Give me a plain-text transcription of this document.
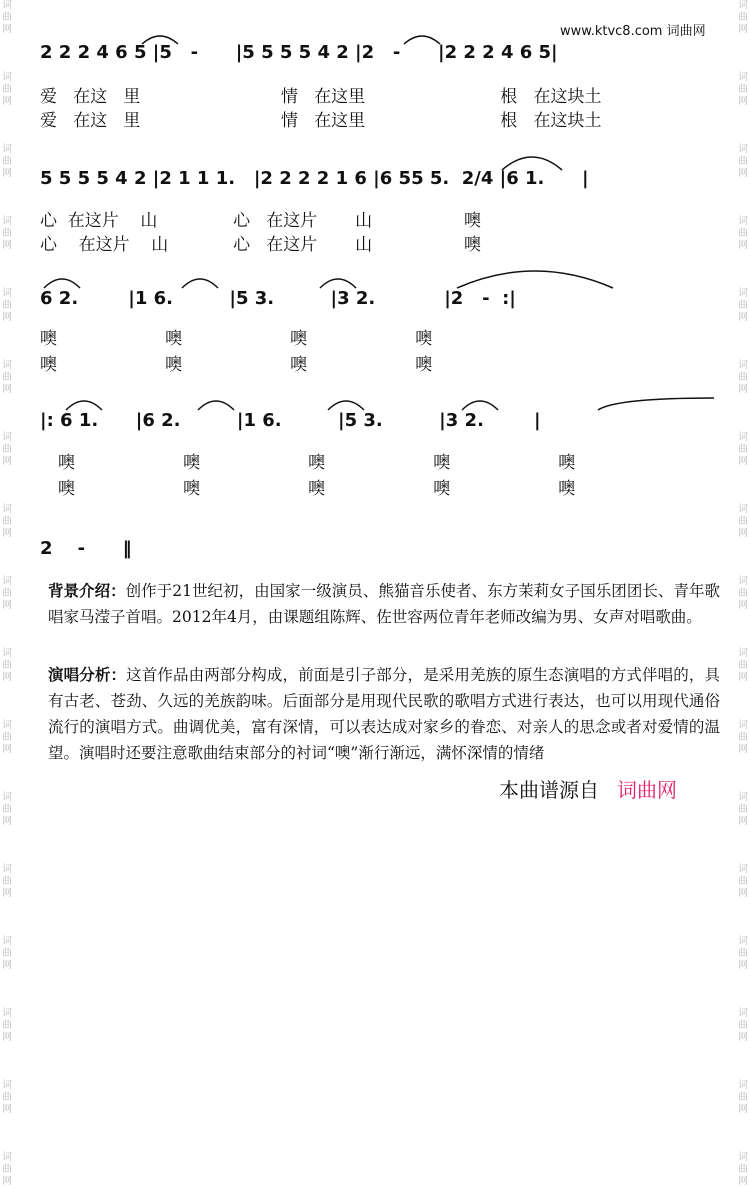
词曲网
词曲网
词曲网
词曲网
词曲网
词曲网
词曲网
词曲网
词曲网
词曲网
词曲网
词曲网
词曲网
词曲网
词曲网
词曲网
词曲网
词曲网
词曲网
词曲网
词曲网
词曲网
词曲网
词曲网
词曲网
词曲网
词曲网
词曲网
词曲网
词曲网
词曲网
词曲网
词曲网
词曲网
www.ktvc8.com 词曲网
2 2 2 4 6 5 |5   -      |5 5 5 5 4 2 |2   -      |2 2 2 4 6 5|
爱   在这   里                          情   在这里                         根   在这块土
爱   在这   里                          情   在这里                         根   在这块土
5 5 5 5 4 2 |2 1 1 1.   |2 2 2 2 1 6 |6 55 5.  2/4 |6 1.      |
心  在这片    山              心   在这片       山                 噢
心    在这片    山            心   在这片       山                 噢
6 2.        |1 6.         |5 3.         |3 2.           |2   -  :|
噢                    噢                    噢                    噢
噢                    噢                    噢                    噢
|: 6 1.      |6 2.         |1 6.         |5 3.         |3 2.        |
噢                    噢                    噢                    噢                    噢
噢                    噢                    噢                    噢                    噢
2    -      ‖
背景介绍：创作于21世纪初，由国家一级演员、熊猫音乐使者、东方茉莉女子国乐团团长、青年歌唱家马滢子首唱。2012年4月，由课题组陈辉、佐世容两位青年老师改编为男、女声对唱歌曲。
演唱分析：这首作品由两部分构成，前面是引子部分，是采用羌族的原生态演唱的方式伴唱的，具有古老、苍劲、久远的羌族韵味。后面部分是用现代民歌的歌唱方式进行表达，也可以用现代通俗流行的演唱方式。曲调优美，富有深情，可以表达成对家乡的眷恋、对亲人的思念或者对爱情的温望。演唱时还要注意歌曲结束部分的衬词“噢”渐行渐远，满怀深情的情绪
本曲谱源自 词曲网
